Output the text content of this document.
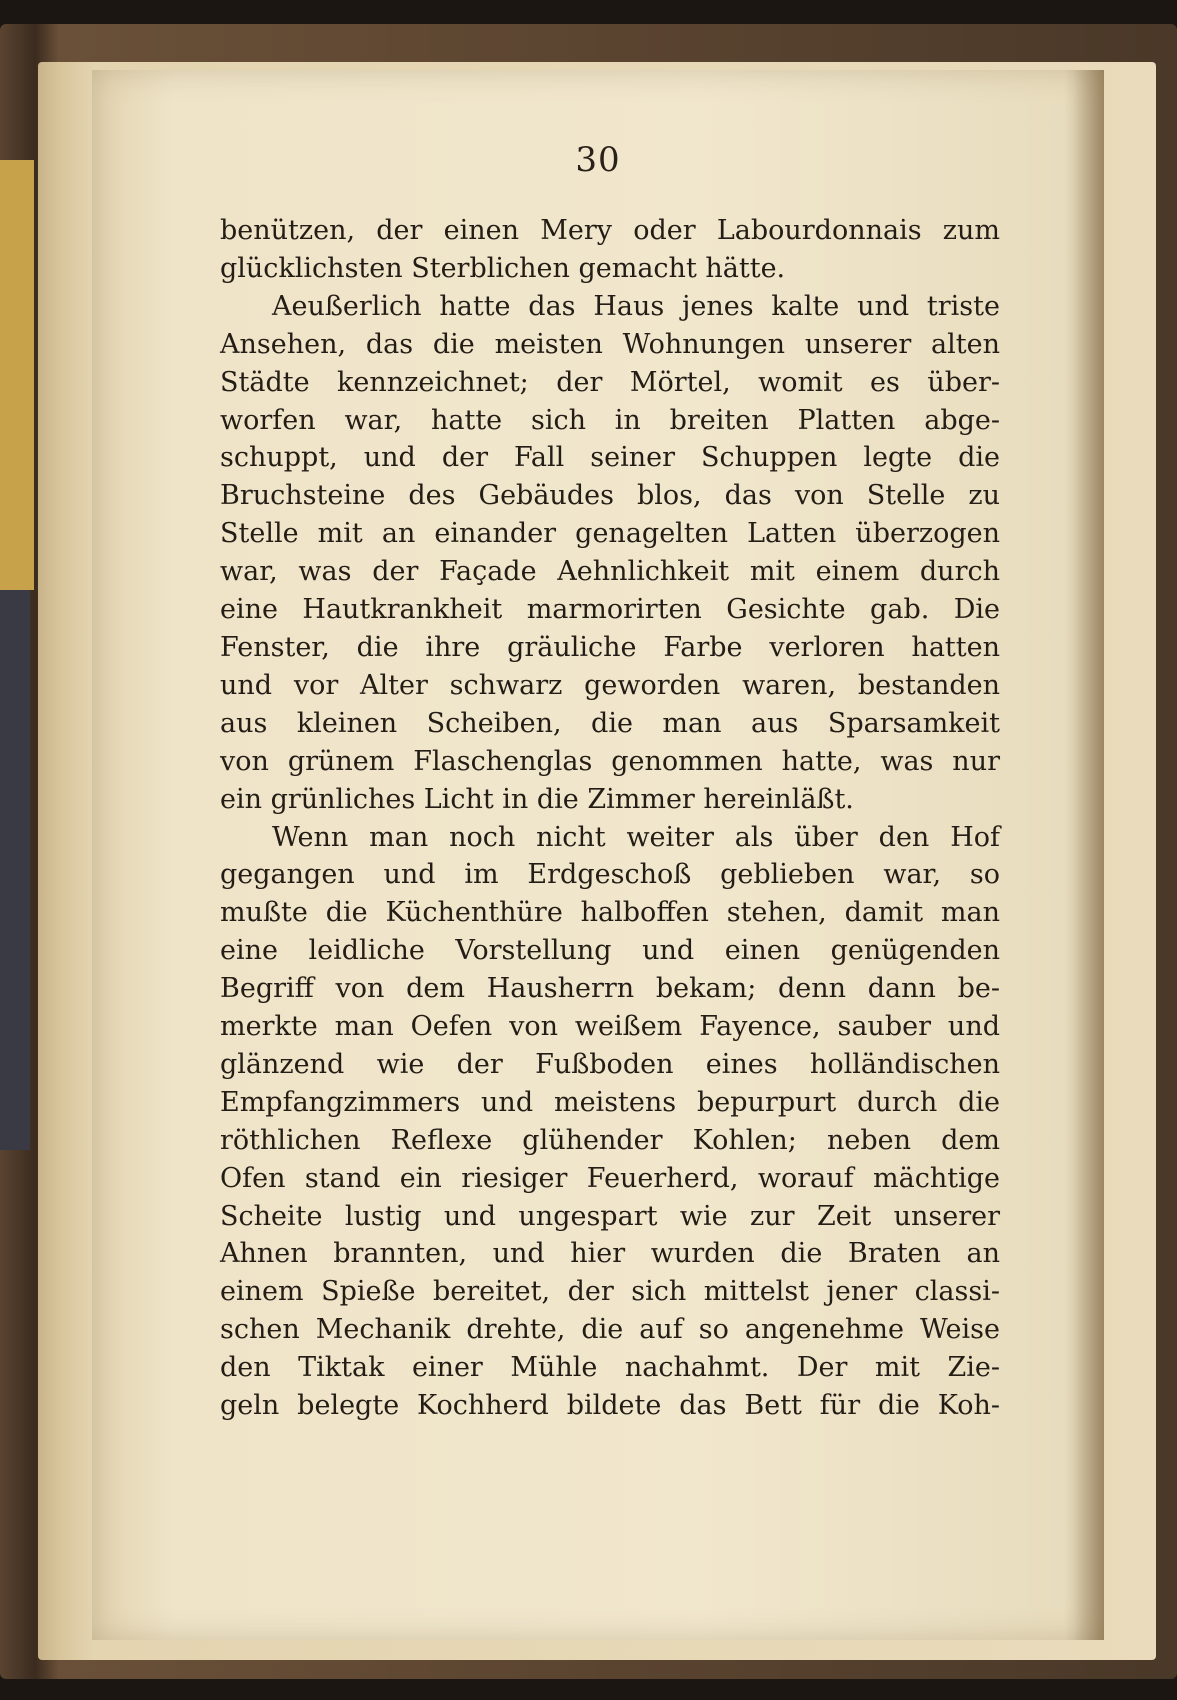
30
benützen, der einen Mery oder Labourdonnais zum
glücklichsten Sterblichen gemacht hätte.
Aeußerlich hatte das Haus jenes kalte und triste
Ansehen, das die meisten Wohnungen unserer alten
Städte kennzeichnet; der Mörtel, womit es über-
worfen war, hatte sich in breiten Platten abge-
schuppt, und der Fall seiner Schuppen legte die
Bruchsteine des Gebäudes blos, das von Stelle zu
Stelle mit an einander genagelten Latten überzogen
war, was der Façade Aehnlichkeit mit einem durch
eine Hautkrankheit marmorirten Gesichte gab. Die
Fenster, die ihre gräuliche Farbe verloren hatten
und vor Alter schwarz geworden waren, bestanden
aus kleinen Scheiben, die man aus Sparsamkeit
von grünem Flaschenglas genommen hatte, was nur
ein grünliches Licht in die Zimmer hereinläßt.
Wenn man noch nicht weiter als über den Hof
gegangen und im Erdgeschoß geblieben war, so
mußte die Küchenthüre halboffen stehen, damit man
eine leidliche Vorstellung und einen genügenden
Begriff von dem Hausherrn bekam; denn dann be-
merkte man Oefen von weißem Fayence, sauber und
glänzend wie der Fußboden eines holländischen
Empfangzimmers und meistens bepurpurt durch die
röthlichen Reflexe glühender Kohlen; neben dem
Ofen stand ein riesiger Feuerherd, worauf mächtige
Scheite lustig und ungespart wie zur Zeit unserer
Ahnen brannten, und hier wurden die Braten an
einem Spieße bereitet, der sich mittelst jener classi-
schen Mechanik drehte, die auf so angenehme Weise
den Tiktak einer Mühle nachahmt. Der mit Zie-
geln belegte Kochherd bildete das Bett für die Koh-
